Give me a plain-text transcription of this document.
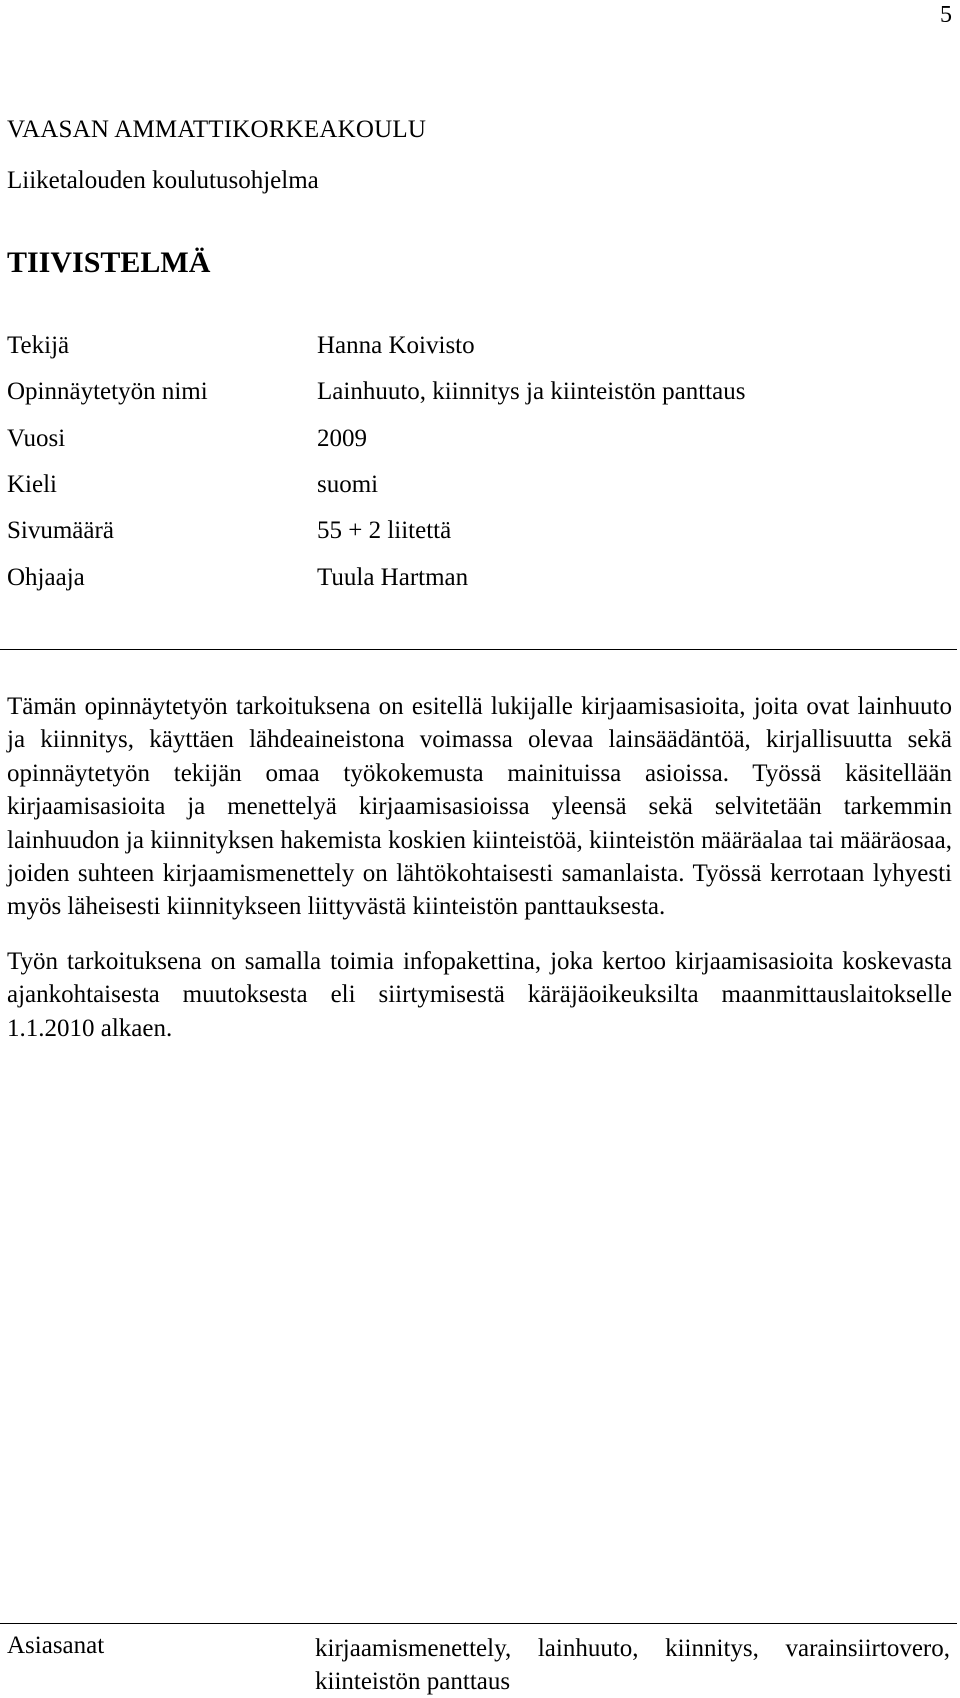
5
VAASAN AMMATTIKORKEAKOULU
Liiketalouden koulutusohjelma
TIIVISTELMÄ
Tekijä	Hanna Koivisto
Opinnäytetyön nimi	Lainhuuto, kiinnitys ja kiinteistön panttaus
Vuosi	2009
Kieli	suomi
Sivumäärä	55 + 2 liitettä
Ohjaaja	Tuula Hartman

Tämän opinnäytetyön tarkoituksena on esitellä lukijalle kirjaamisasioita, joita ovat lainhuuto ja kiinnitys, käyttäen lähdeaineistona voimassa olevaa lainsäädäntöä, kirjallisuutta sekä opinnäytetyön tekijän omaa työkokemusta mainituissa asioissa. Työssä käsitellään kirjaamisasioita ja menettelyä kirjaamisasioissa yleensä sekä selvitetään tarkemmin lainhuudon ja kiinnityksen hakemista koskien kiinteistöä, kiinteistön määräalaa tai määräosaa, joiden suhteen kirjaamismenettely on lähtökohtaisesti samanlaista. Työssä kerrotaan lyhyesti myös läheisesti kiinnitykseen liittyvästä kiinteistön panttauksesta.

Työn tarkoituksena on samalla toimia infopakettina, joka kertoo kirjaamisasioita koskevasta ajankohtaisesta muutoksesta eli siirtymisestä käräjäoikeuksilta maanmittauslaitokselle 1.1.2010 alkaen.

Asiasanat	kirjaamismenettely, lainhuuto, kiinnitys, varainsiirtovero, kiinteistön panttaus
